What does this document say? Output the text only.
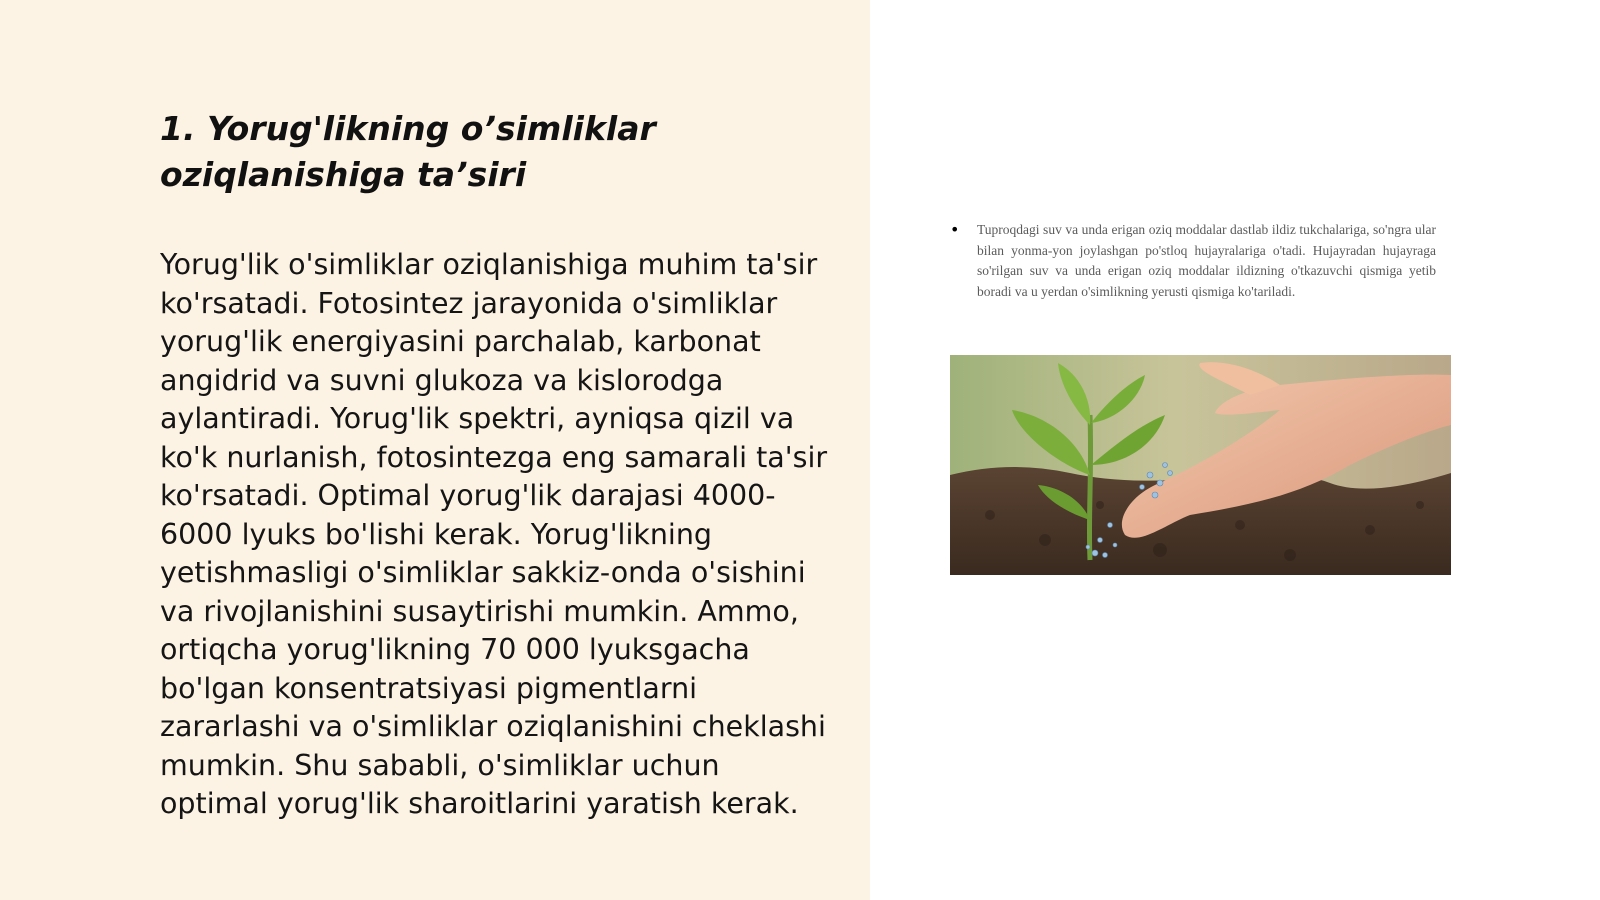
1. Yorug'likning o’simliklar oziqlanishiga ta’siri

Yorug'lik o'simliklar oziqlanishiga muhim ta'sir ko'rsatadi. Fotosintez jarayonida o'simliklar yorug'lik energiyasini parchalab, karbonat angidrid va suvni glukoza va kislorodga aylantiradi. Yorug'lik spektri, ayniqsa qizil va ko'k nurlanish, fotosintezga eng samarali ta'sir ko'rsatadi. Optimal yorug'lik darajasi 4000-6000 lyuks bo'lishi kerak. Yorug'likning yetishmasligi o'simliklar sakkiz-onda o'sishini va rivojlanishini susaytirishi mumkin. Ammo, ortiqcha yorug'likning 70 000 lyuksgacha bo'lgan konsentratsiyasi pigmentlarni zararlashi va o'simliklar oziqlanishini cheklashi mumkin. Shu sababli, o'simliklar uchun optimal yorug'lik sharoitlarini yaratish kerak.

•	Tuproqdagi suv va unda erigan oziq moddalar dastlab ildiz tukchalariga, so'ngra ular bilan yonma-yon joylashgan po'stloq hujayralariga o'tadi. Hujayradan hujayraga so'rilgan suv va unda erigan oziq moddalar ildizning o'tkazuvchi qismiga yetib boradi va u yerdan o'simlikning yerusti qismiga ko'tariladi.
